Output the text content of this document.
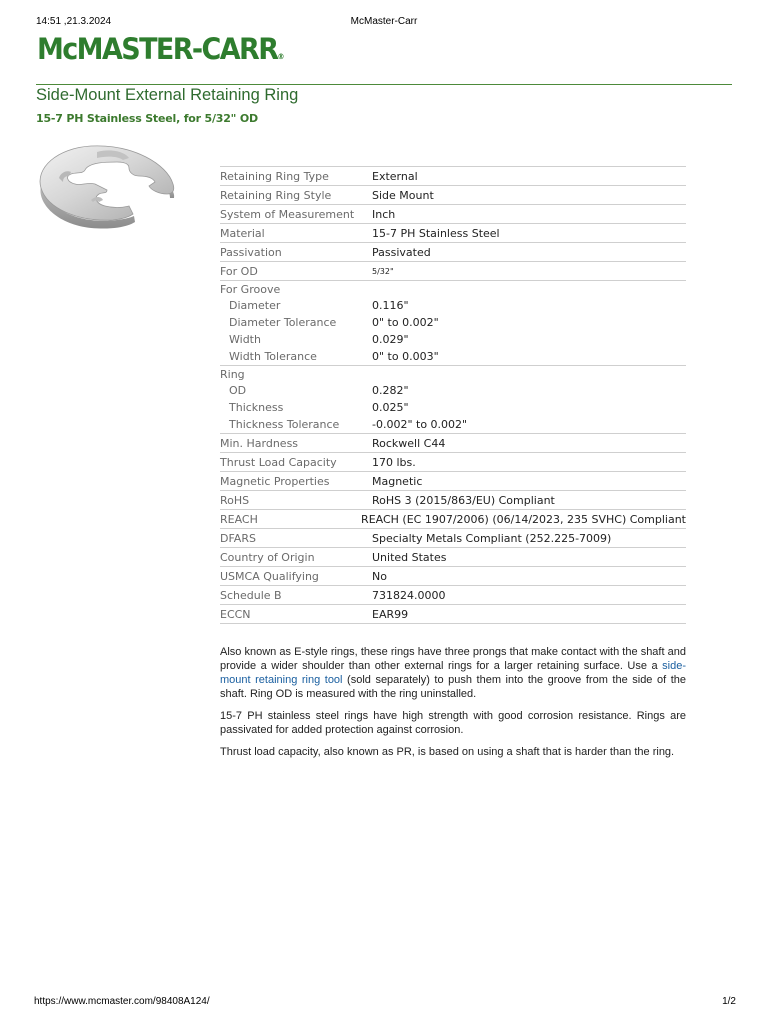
14:51 ,21.3.2024	McMaster-Carr
McMASTER-CARR®
Side-Mount External Retaining Ring
15-7 PH Stainless Steel, for 5/32" OD
Retaining Ring Type	External
Retaining Ring Style	Side Mount
System of Measurement	Inch
Material	15-7 PH Stainless Steel
Passivation	Passivated
For OD	5/32"
For Groove
Diameter	0.116"
Diameter Tolerance	0" to 0.002"
Width	0.029"
Width Tolerance	0" to 0.003"
Ring
OD	0.282"
Thickness	0.025"
Thickness Tolerance	-0.002" to 0.002"
Min. Hardness	Rockwell C44
Thrust Load Capacity	170 lbs.
Magnetic Properties	Magnetic
RoHS	RoHS 3 (2015/863/EU) Compliant
REACH	REACH (EC 1907/2006) (06/14/2023, 235 SVHC) Compliant
DFARS	Specialty Metals Compliant (252.225-7009)
Country of Origin	United States
USMCA Qualifying	No
Schedule B	731824.0000
ECCN	EAR99

Also known as E-style rings, these rings have three prongs that make contact with the shaft and provide a wider shoulder than other external rings for a larger retaining surface. Use a side-mount retaining ring tool (sold separately) to push them into the groove from the side of the shaft. Ring OD is measured with the ring uninstalled.

15-7 PH stainless steel rings have high strength with good corrosion resistance. Rings are passivated for added protection against corrosion.

Thrust load capacity, also known as PR, is based on using a shaft that is harder than the ring.

https://www.mcmaster.com/98408A124/	1/2
